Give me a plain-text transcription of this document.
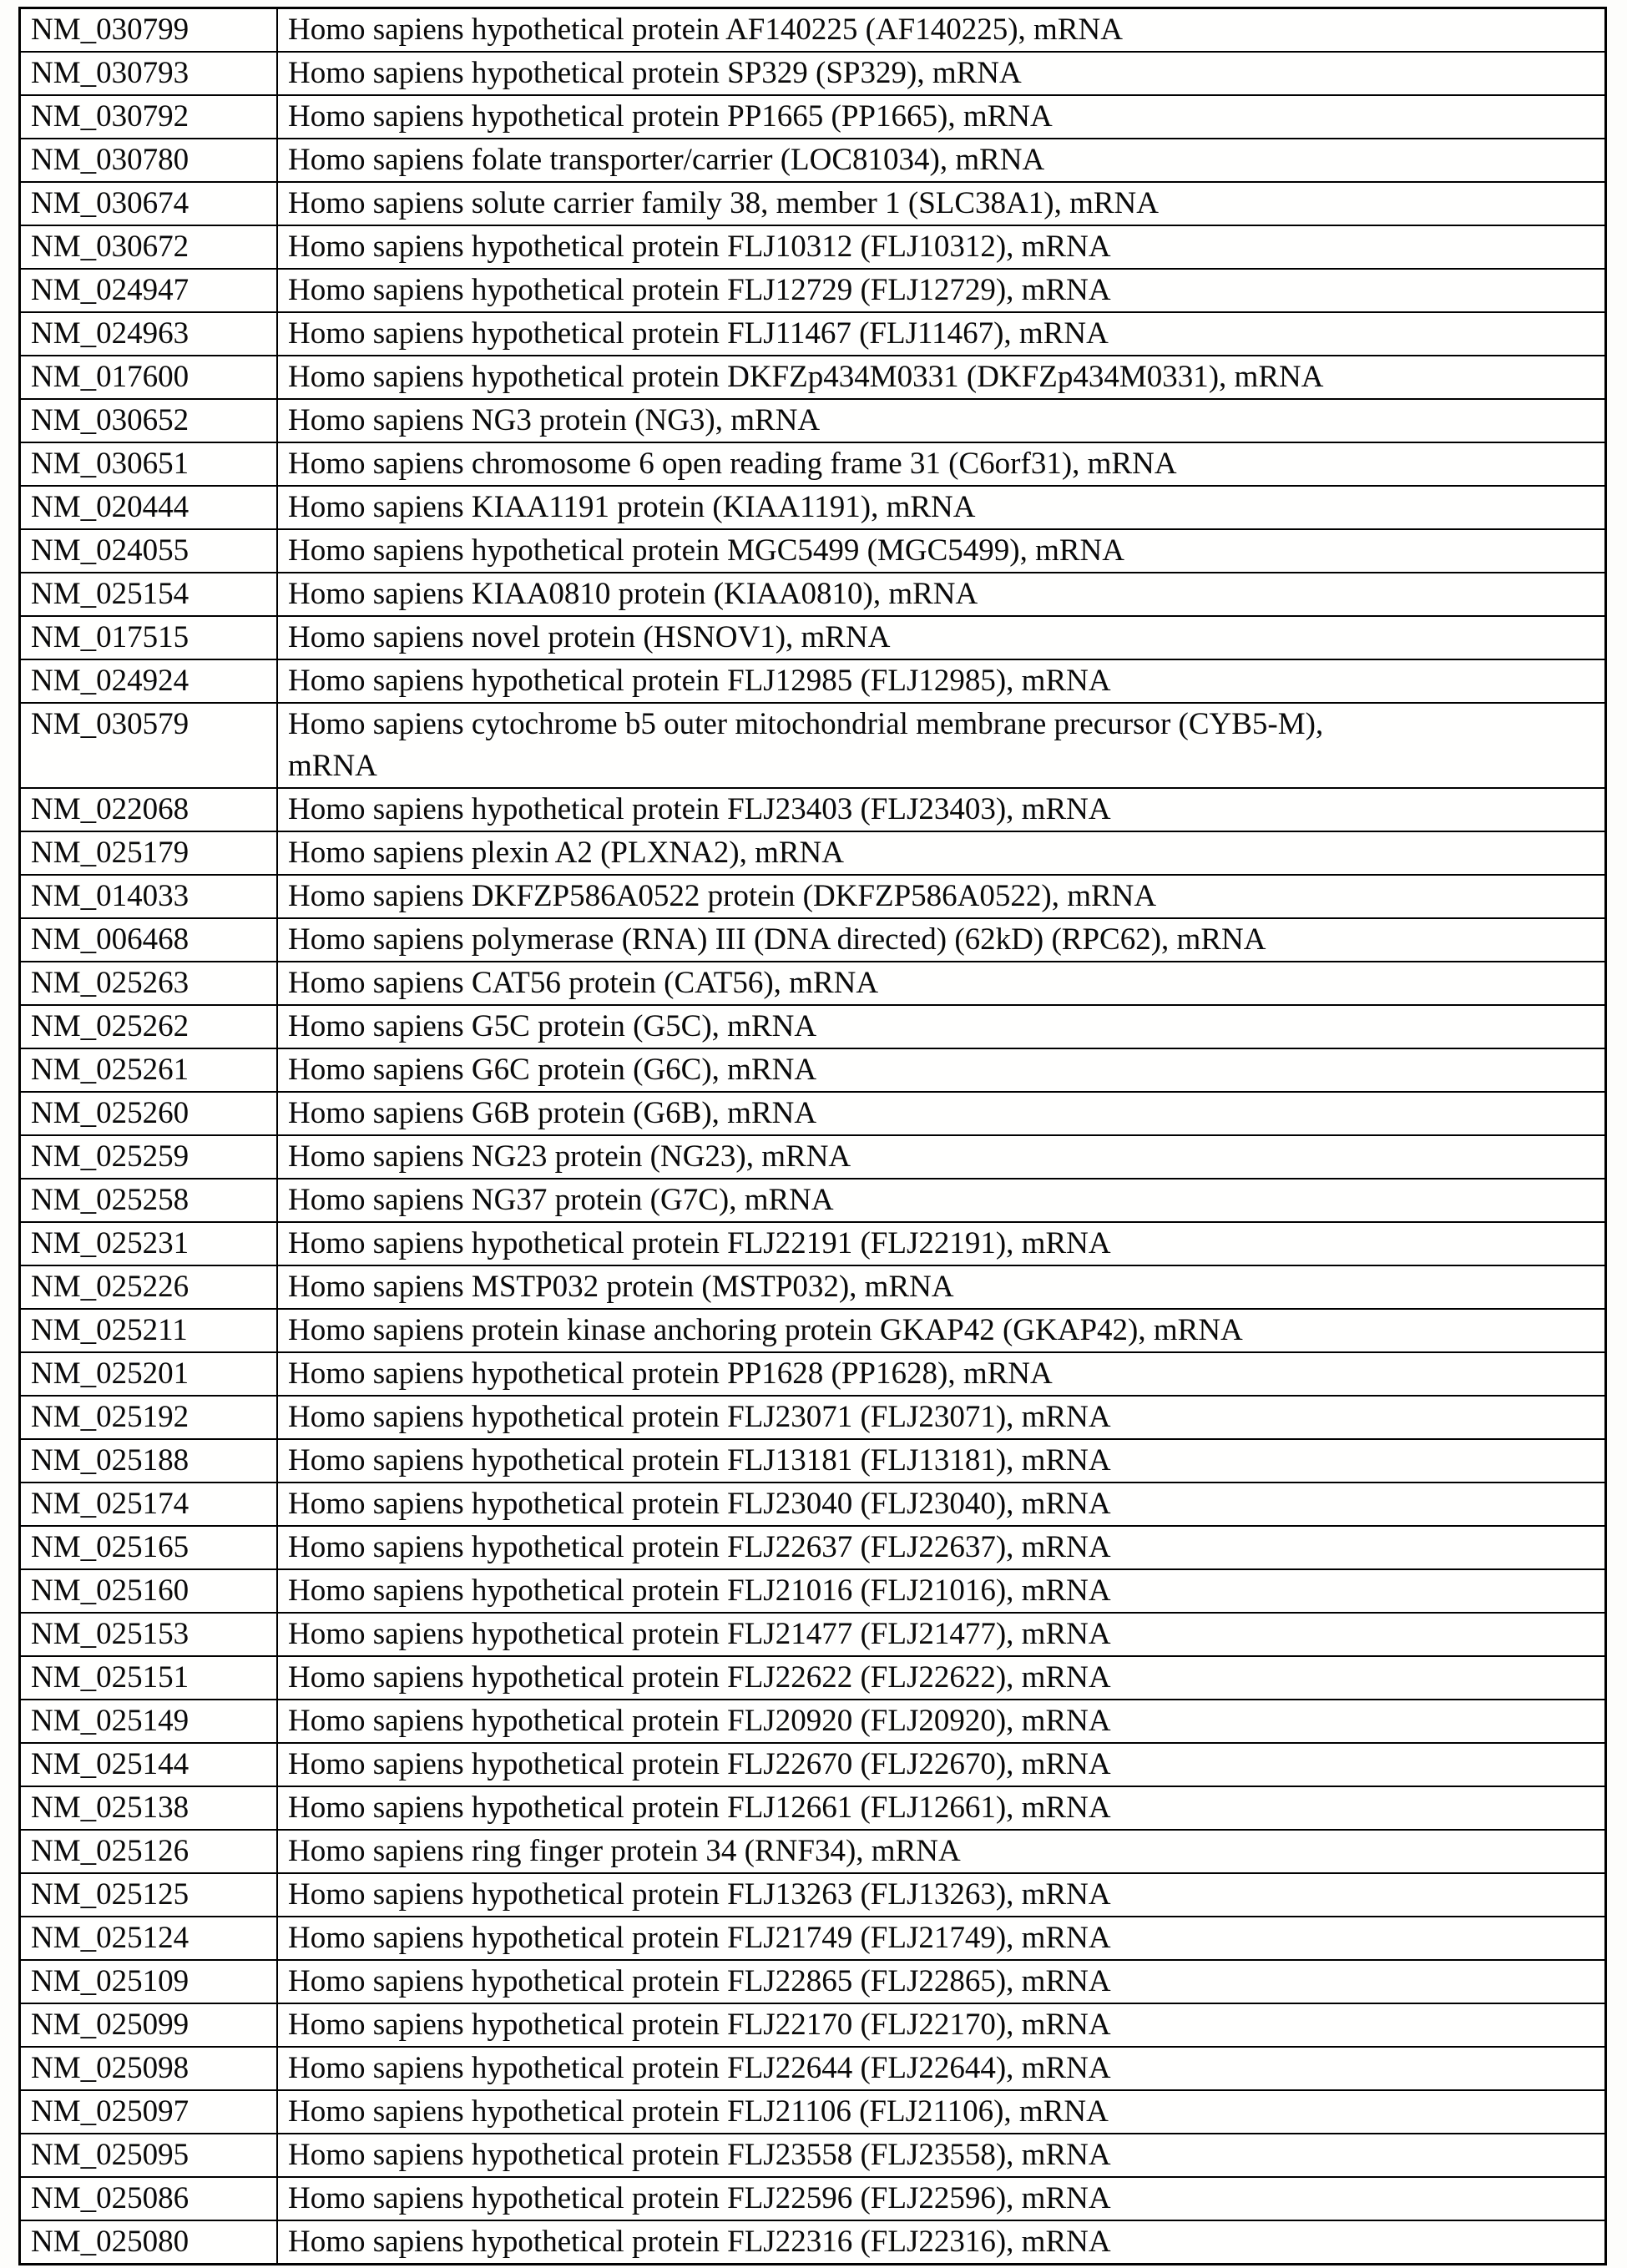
NM_030799	Homo sapiens hypothetical protein AF140225 (AF140225), mRNA
NM_030793	Homo sapiens hypothetical protein SP329 (SP329), mRNA
NM_030792	Homo sapiens hypothetical protein PP1665 (PP1665), mRNA
NM_030780	Homo sapiens folate transporter/carrier (LOC81034), mRNA
NM_030674	Homo sapiens solute carrier family 38, member 1 (SLC38A1), mRNA
NM_030672	Homo sapiens hypothetical protein FLJ10312 (FLJ10312), mRNA
NM_024947	Homo sapiens hypothetical protein FLJ12729 (FLJ12729), mRNA
NM_024963	Homo sapiens hypothetical protein FLJ11467 (FLJ11467), mRNA
NM_017600	Homo sapiens hypothetical protein DKFZp434M0331 (DKFZp434M0331), mRNA
NM_030652	Homo sapiens NG3 protein (NG3), mRNA
NM_030651	Homo sapiens chromosome 6 open reading frame 31 (C6orf31), mRNA
NM_020444	Homo sapiens KIAA1191 protein (KIAA1191), mRNA
NM_024055	Homo sapiens hypothetical protein MGC5499 (MGC5499), mRNA
NM_025154	Homo sapiens KIAA0810 protein (KIAA0810), mRNA
NM_017515	Homo sapiens novel protein (HSNOV1), mRNA
NM_024924	Homo sapiens hypothetical protein FLJ12985 (FLJ12985), mRNA
NM_030579	Homo sapiens cytochrome b5 outer mitochondrial membrane precursor (CYB5-M),
mRNA
NM_022068	Homo sapiens hypothetical protein FLJ23403 (FLJ23403), mRNA
NM_025179	Homo sapiens plexin A2 (PLXNA2), mRNA
NM_014033	Homo sapiens DKFZP586A0522 protein (DKFZP586A0522), mRNA
NM_006468	Homo sapiens polymerase (RNA) III (DNA directed) (62kD) (RPC62), mRNA
NM_025263	Homo sapiens CAT56 protein (CAT56), mRNA
NM_025262	Homo sapiens G5C protein (G5C), mRNA
NM_025261	Homo sapiens G6C protein (G6C), mRNA
NM_025260	Homo sapiens G6B protein (G6B), mRNA
NM_025259	Homo sapiens NG23 protein (NG23), mRNA
NM_025258	Homo sapiens NG37 protein (G7C), mRNA
NM_025231	Homo sapiens hypothetical protein FLJ22191 (FLJ22191), mRNA
NM_025226	Homo sapiens MSTP032 protein (MSTP032), mRNA
NM_025211	Homo sapiens protein kinase anchoring protein GKAP42 (GKAP42), mRNA
NM_025201	Homo sapiens hypothetical protein PP1628 (PP1628), mRNA
NM_025192	Homo sapiens hypothetical protein FLJ23071 (FLJ23071), mRNA
NM_025188	Homo sapiens hypothetical protein FLJ13181 (FLJ13181), mRNA
NM_025174	Homo sapiens hypothetical protein FLJ23040 (FLJ23040), mRNA
NM_025165	Homo sapiens hypothetical protein FLJ22637 (FLJ22637), mRNA
NM_025160	Homo sapiens hypothetical protein FLJ21016 (FLJ21016), mRNA
NM_025153	Homo sapiens hypothetical protein FLJ21477 (FLJ21477), mRNA
NM_025151	Homo sapiens hypothetical protein FLJ22622 (FLJ22622), mRNA
NM_025149	Homo sapiens hypothetical protein FLJ20920 (FLJ20920), mRNA
NM_025144	Homo sapiens hypothetical protein FLJ22670 (FLJ22670), mRNA
NM_025138	Homo sapiens hypothetical protein FLJ12661 (FLJ12661), mRNA
NM_025126	Homo sapiens ring finger protein 34 (RNF34), mRNA
NM_025125	Homo sapiens hypothetical protein FLJ13263 (FLJ13263), mRNA
NM_025124	Homo sapiens hypothetical protein FLJ21749 (FLJ21749), mRNA
NM_025109	Homo sapiens hypothetical protein FLJ22865 (FLJ22865), mRNA
NM_025099	Homo sapiens hypothetical protein FLJ22170 (FLJ22170), mRNA
NM_025098	Homo sapiens hypothetical protein FLJ22644 (FLJ22644), mRNA
NM_025097	Homo sapiens hypothetical protein FLJ21106 (FLJ21106), mRNA
NM_025095	Homo sapiens hypothetical protein FLJ23558 (FLJ23558), mRNA
NM_025086	Homo sapiens hypothetical protein FLJ22596 (FLJ22596), mRNA
NM_025080	Homo sapiens hypothetical protein FLJ22316 (FLJ22316), mRNA
